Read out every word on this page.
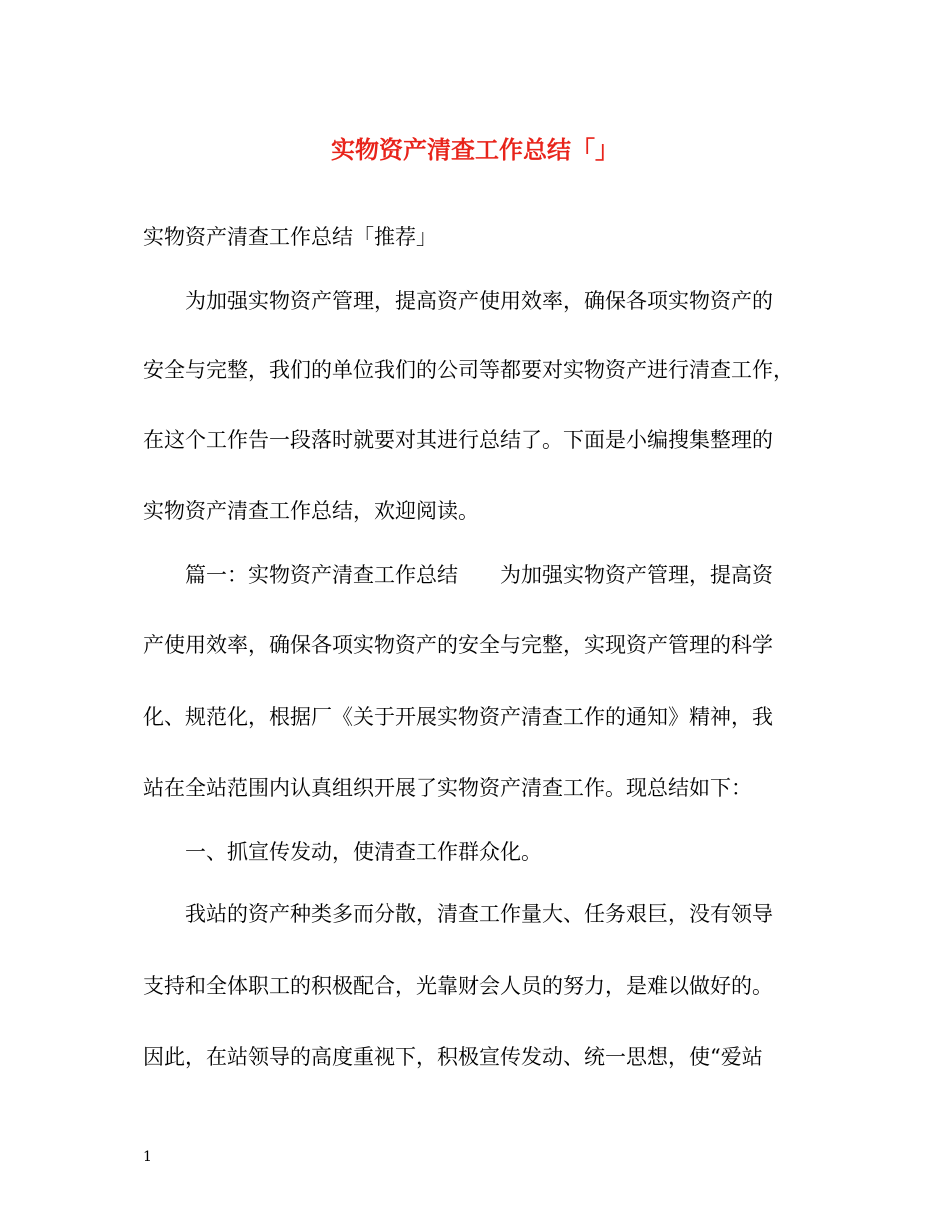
实物资产清查工作总结「」
实物资产清查工作总结「推荐」
为加强实物资产管理，提高资产使用效率，确保各项实物资产的
安全与完整，我们的单位我们的公司等都要对实物资产进行清查工作，
在这个工作告一段落时就要对其进行总结了。下面是小编搜集整理的
实物资产清查工作总结，欢迎阅读。
篇一：实物资产清查工作总结　　为加强实物资产管理，提高资
产使用效率，确保各项实物资产的安全与完整，实现资产管理的科学
化、规范化，根据厂《关于开展实物资产清查工作的通知》精神，我
站在全站范围内认真组织开展了实物资产清查工作。现总结如下：
一、抓宣传发动，使清查工作群众化。
我站的资产种类多而分散，清查工作量大、任务艰巨，没有领导
支持和全体职工的积极配合，光靠财会人员的努力，是难以做好的。
因此，在站领导的高度重视下，积极宣传发动、统一思想，使“爱站
1
